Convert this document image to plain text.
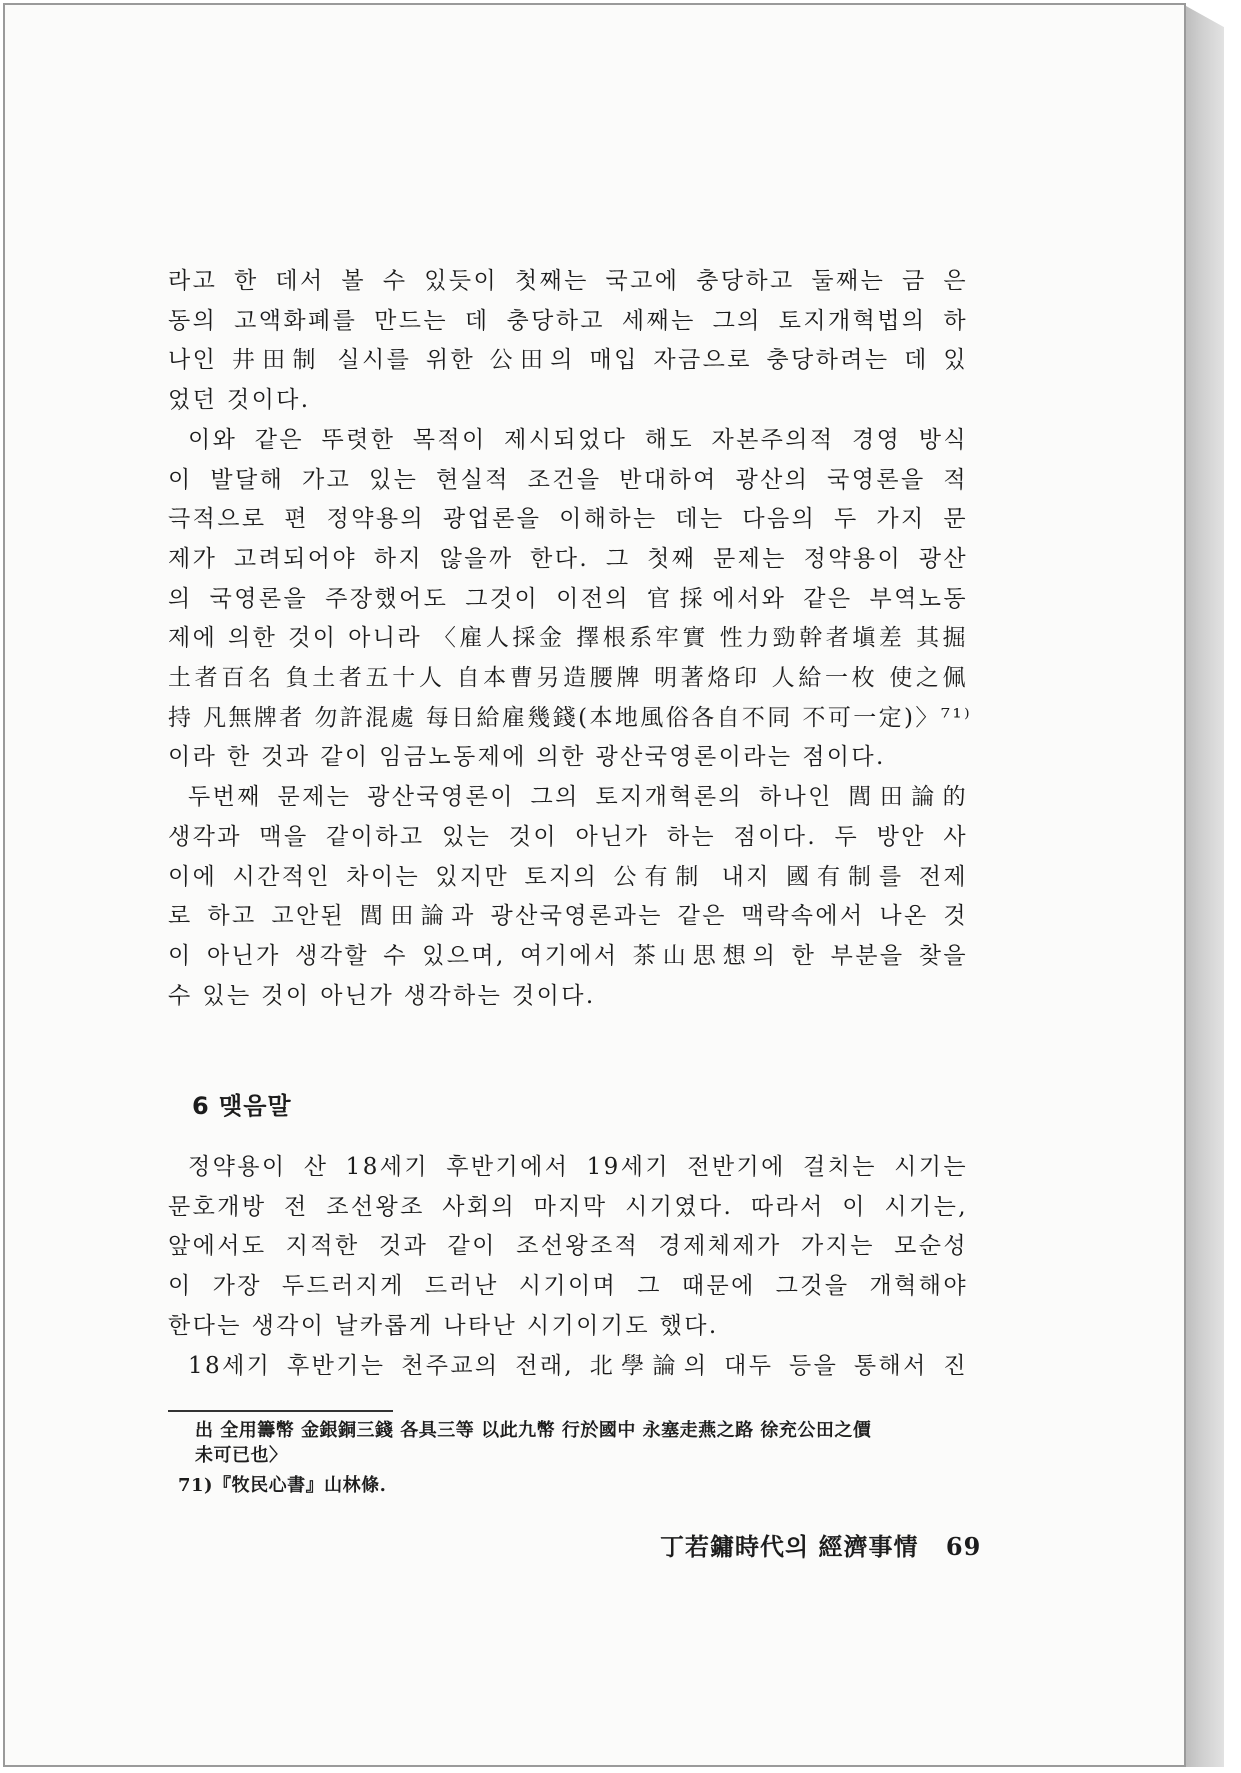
라고 한 데서 볼 수 있듯이 첫째는 국고에 충당하고 둘째는 금 은
동의 고액화폐를 만드는 데 충당하고 세째는 그의 토지개혁법의 하
나인 井田制 실시를 위한 公田의 매입 자금으로 충당하려는 데 있
었던 것이다.
이와 같은 뚜렷한 목적이 제시되었다 해도 자본주의적 경영 방식
이 발달해 가고 있는 현실적 조건을 반대하여 광산의 국영론을 적
극적으로 편 정약용의 광업론을 이해하는 데는 다음의 두 가지 문
제가 고려되어야 하지 않을까 한다. 그 첫째 문제는 정약용이 광산
의 국영론을 주장했어도 그것이 이전의 官採에서와 같은 부역노동
제에 의한 것이 아니라 〈雇人採金 擇根系牢實 性力勁幹者塡差 其掘
土者百名 負土者五十人 自本曹另造腰牌 明著烙印 人給一枚 使之佩
持 凡無牌者 勿許混處 每日給雇幾錢(本地風俗各自不同 不可一定)〉⁷¹⁾
이라 한 것과 같이 임금노동제에 의한 광산국영론이라는 점이다.
두번째 문제는 광산국영론이 그의 토지개혁론의 하나인 閭田論的
생각과 맥을 같이하고 있는 것이 아닌가 하는 점이다. 두 방안 사
이에 시간적인 차이는 있지만 토지의 公有制 내지 國有制를 전제
로 하고 고안된 閭田論과 광산국영론과는 같은 맥락속에서 나온 것
이 아닌가 생각할 수 있으며, 여기에서 茶山思想의 한 부분을 찾을
수 있는 것이 아닌가 생각하는 것이다.
6 맺음말
정약용이 산 18세기 후반기에서 19세기 전반기에 걸치는 시기는
문호개방 전 조선왕조 사회의 마지막 시기였다. 따라서 이 시기는,
앞에서도 지적한 것과 같이 조선왕조적 경제체제가 가지는 모순성
이 가장 두드러지게 드러난 시기이며 그 때문에 그것을 개혁해야
한다는 생각이 날카롭게 나타난 시기이기도 했다.
18세기 후반기는 천주교의 전래, 北學論의 대두 등을 통해서 진
出 全用籌幣 金銀銅三錢 各具三等 以此九幣 行於國中 永塞走燕之路 徐充公田之價
未可已也〉
71)『牧民心書』山林條.
丁若鏞時代의 經濟事情 69
